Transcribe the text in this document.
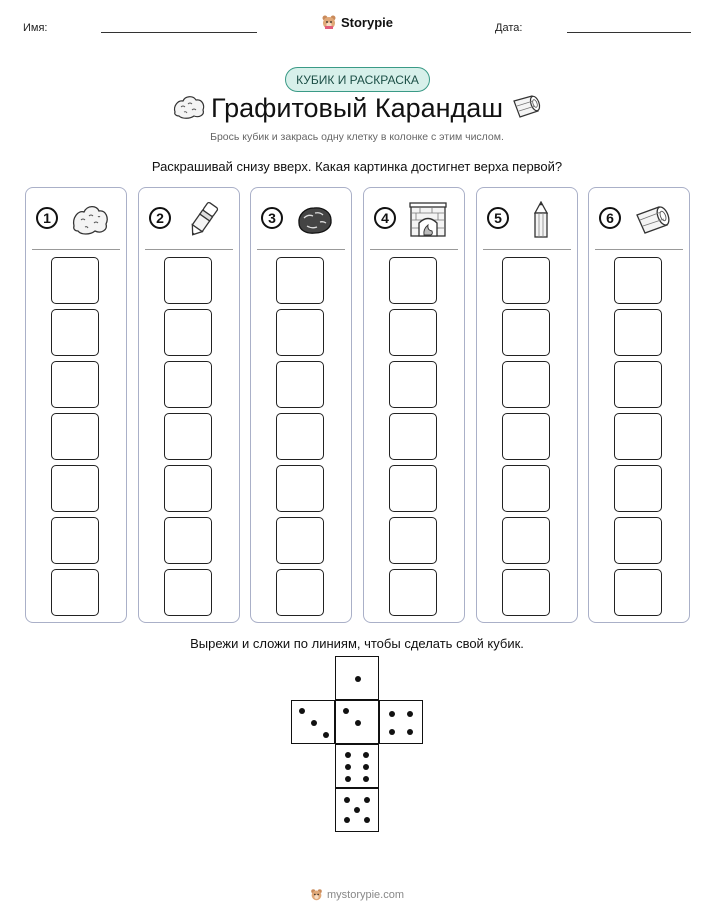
Имя:	Дата:
Storypie
КУБИК И РАСКРАСКА
Графитовый Карандаш
Брось кубик и закрась одну клетку в колонке с этим числом.
Раскрашивай снизу вверх. Какая картинка достигнет верха первой?
1	2	3	4	5	6
Вырежи и сложи по линиям, чтобы сделать свой кубик.
mystorypie.com
